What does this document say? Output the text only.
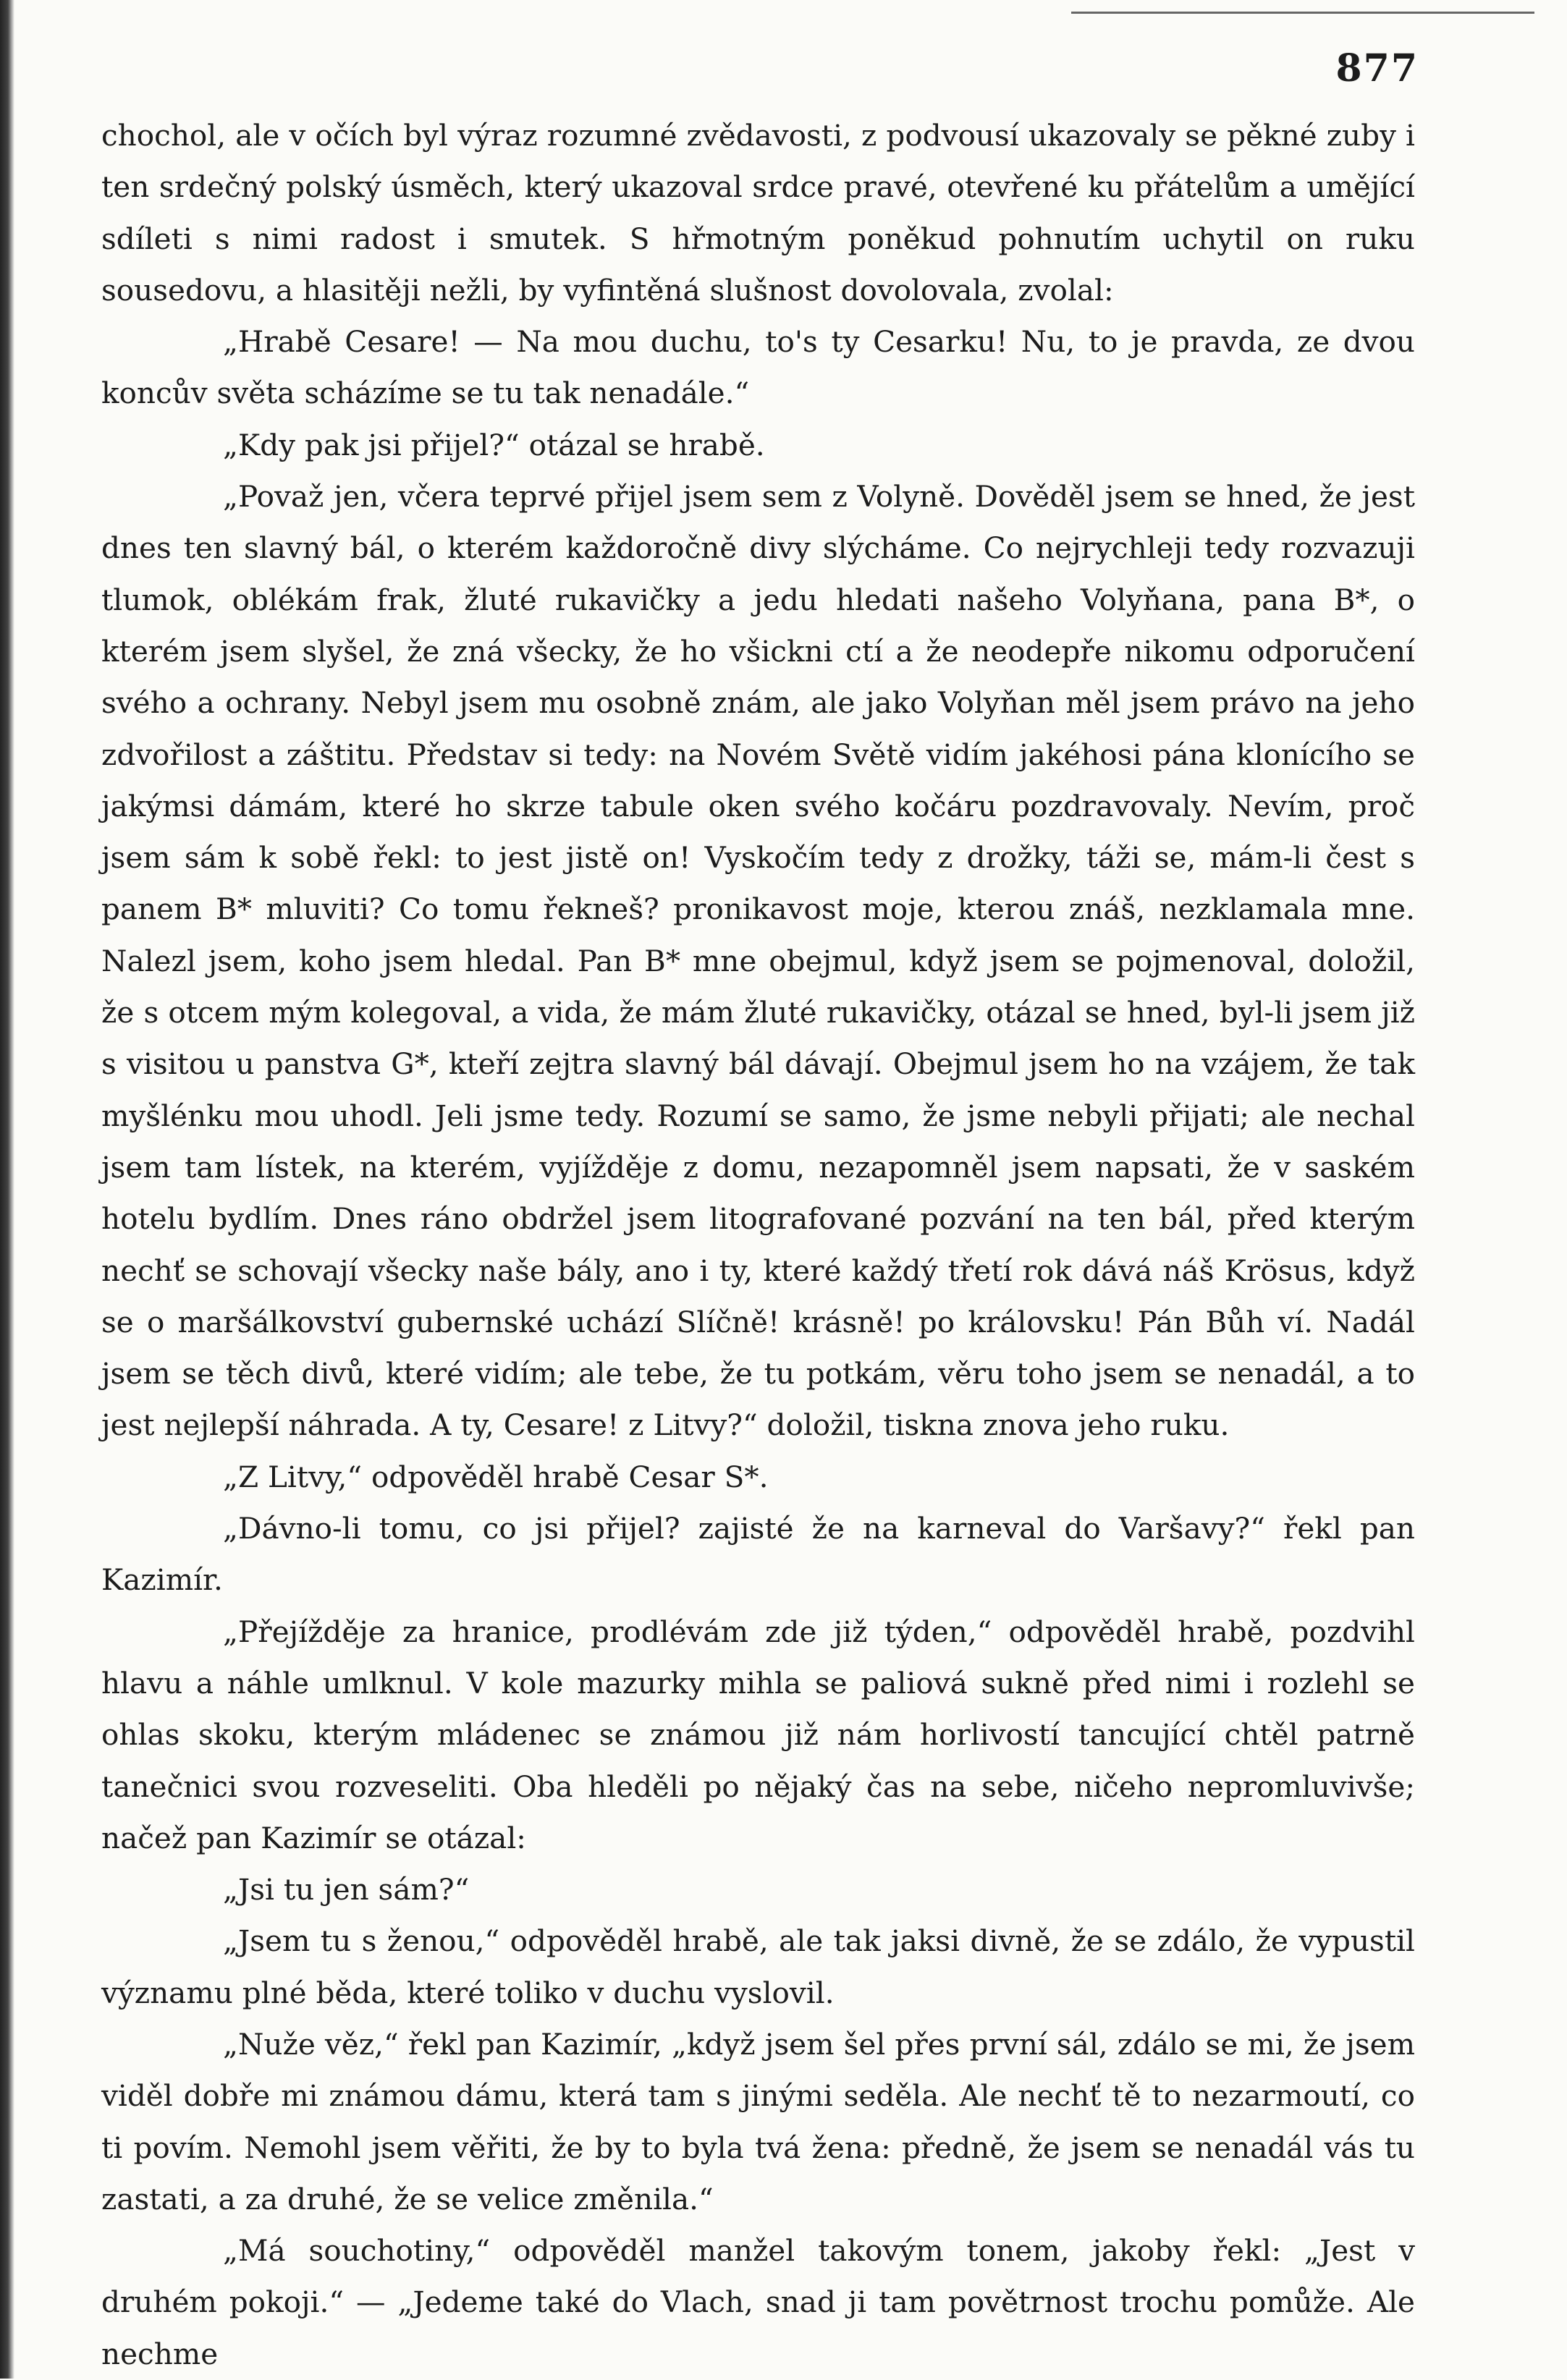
877

chochol, ale v očích byl výraz rozumné zvědavosti, z podvousí ukazovaly se pěkné zuby i ten srdečný polský úsměch, který ukazoval srdce pravé, otevřené ku přátelům a umějící sdíleti s nimi radost i smutek. S hřmotným poněkud pohnutím uchytil on ruku sousedovu, a hlasitěji nežli, by vyfintěná slušnost dovolovala, zvolal:

„Hrabě Cesare! — Na mou duchu, to's ty Cesarku! Nu, to je pravda, ze dvou koncův světa scházíme se tu tak nenadále.“

„Kdy pak jsi přijel?“ otázal se hrabě.

„Považ jen, včera teprvé přijel jsem sem z Volyně. Dověděl jsem se hned, že jest dnes ten slavný bál, o kterém každoročně divy slýcháme. Co nejrychleji tedy rozvazuji tlumok, oblékám frak, žluté rukavičky a jedu hledati našeho Volyňana, pana B*, o kterém jsem slyšel, že zná všecky, že ho všickni ctí a že neodepře nikomu odporučení svého a ochrany. Nebyl jsem mu osobně znám, ale jako Volyňan měl jsem právo na jeho zdvořilost a záštitu. Představ si tedy: na Novém Světě vidím jakéhosi pána klonícího se jakýmsi dámám, které ho skrze tabule oken svého kočáru pozdravovaly. Nevím, proč jsem sám k sobě řekl: to jest jistě on! Vyskočím tedy z drožky, táži se, mám-li čest s panem B* mluviti? Co tomu řekneš? pronikavost moje, kterou znáš, nezklamala mne. Nalezl jsem, koho jsem hledal. Pan B* mne obejmul, když jsem se pojmenoval, doložil, že s otcem mým kolegoval, a vida, že mám žluté rukavičky, otázal se hned, byl-li jsem již s visitou u panstva G*, kteří zejtra slavný bál dávají. Obejmul jsem ho na vzájem, že tak myšlénku mou uhodl. Jeli jsme tedy. Rozumí se samo, že jsme nebyli přijati; ale nechal jsem tam lístek, na kterém, vyjížděje z domu, nezapomněl jsem napsati, že v saském hotelu bydlím. Dnes ráno obdržel jsem litografované pozvání na ten bál, před kterým nechť se schovají všecky naše bály, ano i ty, které každý třetí rok dává náš Krösus, když se o maršálkovství gubernské uchází Slíčně! krásně! po královsku! Pán Bůh ví. Nadál jsem se těch divů, které vidím; ale tebe, že tu potkám, věru toho jsem se nenadál, a to jest nejlepší náhrada. A ty, Cesare! z Litvy?“ doložil, tiskna znova jeho ruku.

„Z Litvy,“ odpověděl hrabě Cesar S*.

„Dávno-li tomu, co jsi přijel? zajisté že na karneval do Varšavy?“ řekl pan Kazimír.

„Přejížděje za hranice, prodlévám zde již týden,“ odpověděl hrabě, pozdvihl hlavu a náhle umlknul. V kole mazurky mihla se paliová sukně před nimi i rozlehl se ohlas skoku, kterým mládenec se známou již nám horlivostí tancující chtěl patrně tanečnici svou rozveseliti. Oba hleděli po nějaký čas na sebe, ničeho nepromluvivše; načež pan Kazimír se otázal:

„Jsi tu jen sám?“

„Jsem tu s ženou,“ odpověděl hrabě, ale tak jaksi divně, že se zdálo, že vypustil významu plné běda, které toliko v duchu vyslovil.

„Nuže věz,“ řekl pan Kazimír, „když jsem šel přes první sál, zdálo se mi, že jsem viděl dobře mi známou dámu, která tam s jinými seděla. Ale nechť tě to nezarmoutí, co ti povím. Nemohl jsem věřiti, že by to byla tvá žena: předně, že jsem se nenadál vás tu zastati, a za druhé, že se velice změnila.“

„Má souchotiny,“ odpověděl manžel takovým tonem, jakoby řekl: „Jest v druhém pokoji.“ — „Jedeme také do Vlach, snad ji tam povětrnost trochu pomůže. Ale nechme
